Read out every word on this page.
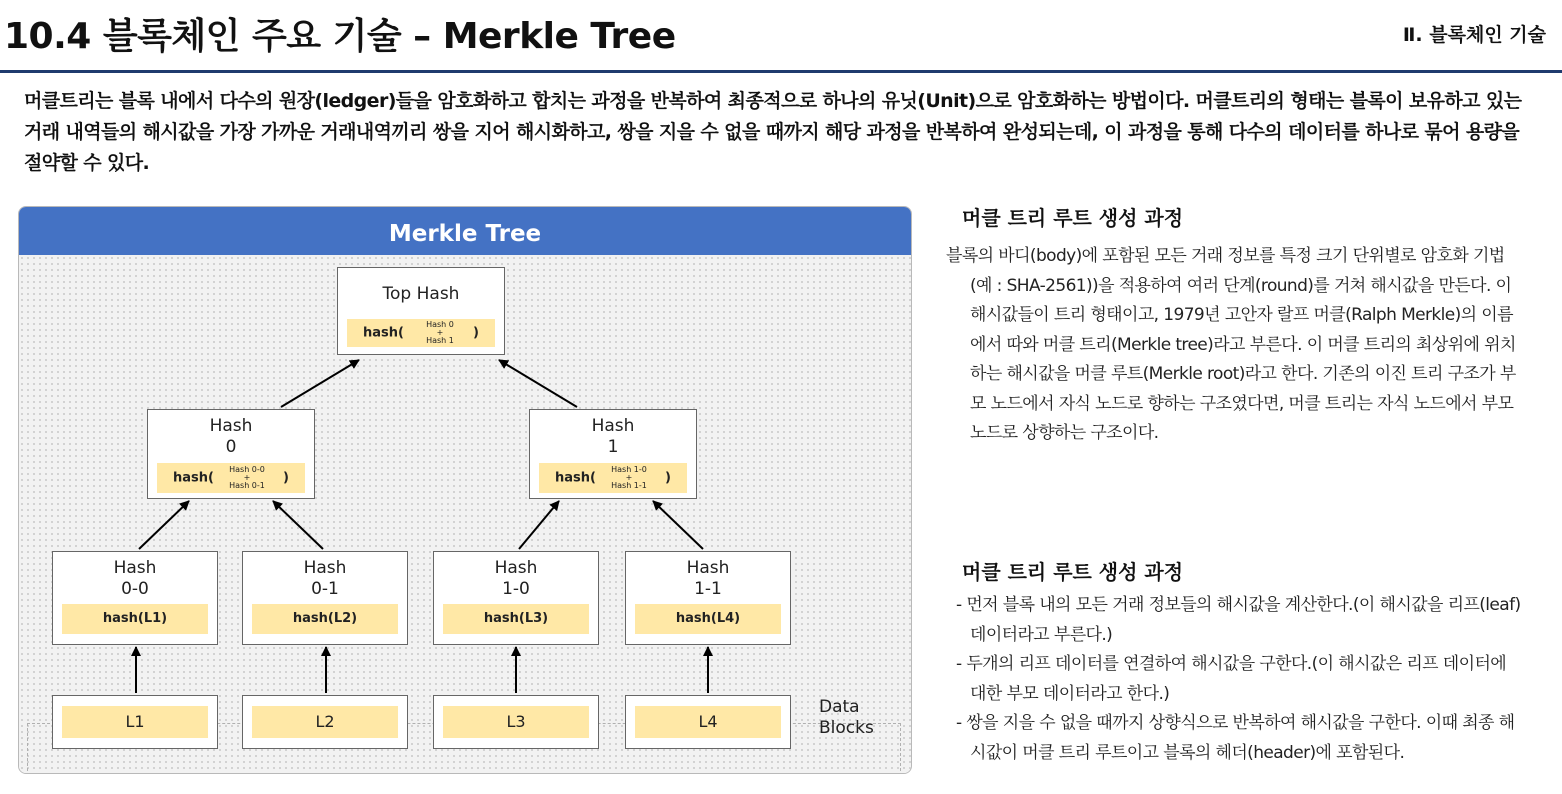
10.4 블록체인 주요 기술 – Merkle Tree	Ⅱ. 블록체인 기술

머클트리는 블록 내에서 다수의 원장(ledger)들을 암호화하고 합치는 과정을 반복하여 최종적으로 하나의 유닛(Unit)으로 암호화하는 방법이다. 머클트리의 형태는 블록이 보유하고 있는 거래 내역들의 해시값을 가장 가까운 거래내역끼리 쌍을 지어 해시화하고, 쌍을 지을 수 없을 때까지 해당 과정을 반복하여 완성되는데, 이 과정을 통해 다수의 데이터를 하나로 묶어 용량을 절약할 수 있다.

Merkle Tree
Top Hash
hash(
Hash 0
+
Hash 1 )
Hash
0
hash(
Hash 0-0
+
Hash 0-1	)
Hash
1
hash(
Hash 1-0
+
Hash 1-1	)
Hash
0-0
hash(L1)
Hash
0-1
hash(L2)
Hash
1-0
hash(L3)
Hash
1-1
hash(L4)
L1	L2	L3	L4
Data
Blocks
머클 트리 루트 생성 과정

블록의 바디(body)에 포함된 모든 거래 정보를 특정 크기 단위별로 암호화 기법(예 : SHA-2561))을 적용하여 여러 단계(round)를 거쳐 해시값을 만든다. 이 해시값들이 트리 형태이고, 1979년 고안자 랄프 머클(Ralph Merkle)의 이름에서 따와 머클 트리(Merkle tree)라고 부른다. 이 머클 트리의 최상위에 위치하는 해시값을 머클 루트(Merkle root)라고 한다. 기존의 이진 트리 구조가 부모 노드에서 자식 노드로 향하는 구조였다면, 머클 트리는 자식 노드에서 부모 노드로 상향하는 구조이다.

머클 트리 루트 생성 과정

- 먼저 블록 내의 모든 거래 정보들의 해시값을 계산한다.(이 해시값을 리프(leaf) 데이터라고 부른다.)

- 두개의 리프 데이터를 연결하여 해시값을 구한다.(이 해시값은 리프 데이터에 대한 부모 데이터라고 한다.)

- 쌍을 지을 수 없을 때까지 상향식으로 반복하여 해시값을 구한다. 이때 최종 해시값이 머클 트리 루트이고 블록의 헤더(header)에 포함된다.
